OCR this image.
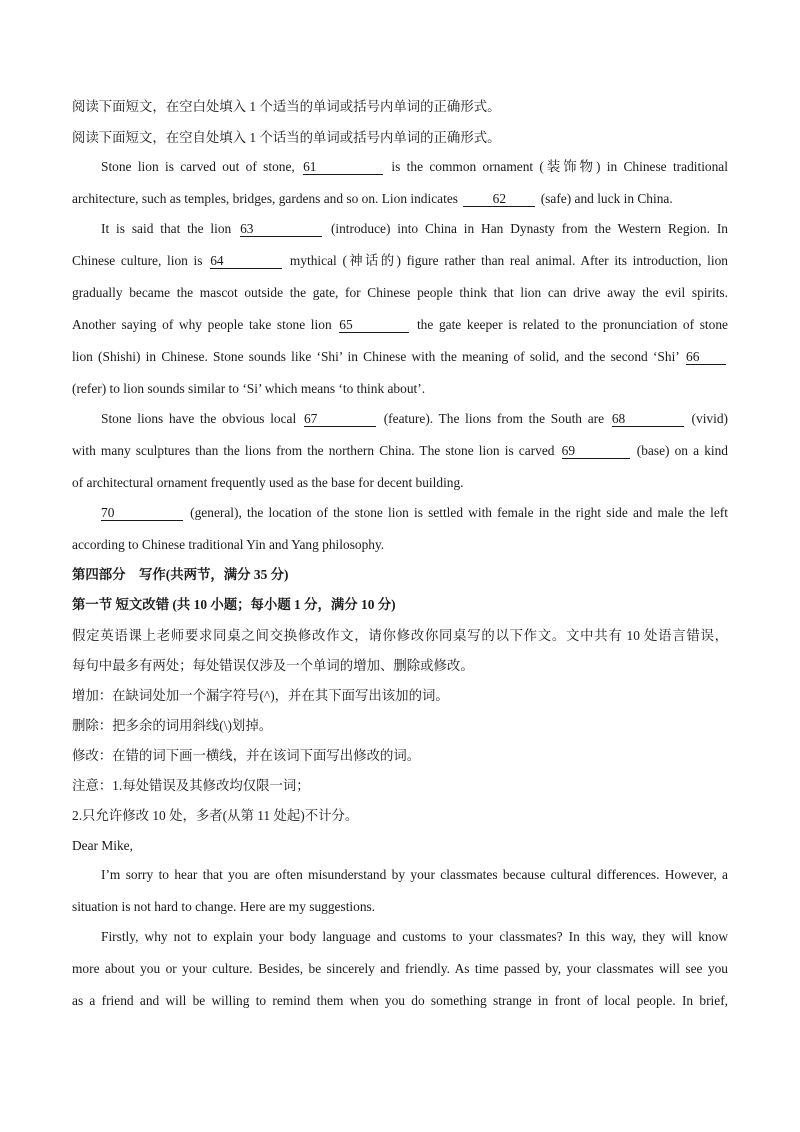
阅读下面短文，在空白处填入 1 个适当的单词或括号内单词的正确形式。
阅读下面短文，在空自处填入 1 个话当的单词或括号内单词的正确形式。
Stone lion is carved out of stone, 61	is the common ornament (装饰物) in Chinese traditional
architecture, such as temples, bridges, gardens and so on. Lion indicates	62	(safe) and luck in China.
It is said that the lion 63	(introduce) into China in Han Dynasty from the Western Region. In
Chinese culture, lion is 64	mythical (神话的) figure rather than real animal. After its introduction, lion
gradually became the mascot outside the gate, for Chinese people think that lion can drive away the evil spirits.
Another saying of why people take stone lion 65	the gate keeper is related to the pronunciation of stone
lion (Shishi) in Chinese. Stone sounds like ‘Shi’ in Chinese with the meaning of solid, and the second ‘Shi’ 66
(refer) to lion sounds similar to ‘Si’ which means ‘to think about’.
Stone lions have the obvious local 67	(feature). The lions from the South are 68	(vivid)
with many sculptures than the lions from the northern China. The stone lion is carved 69	(base) on a kind
of architectural ornament frequently used as the base for decent building.
70	(general), the location of the stone lion is settled with female in the right side and male the left
according to Chinese traditional Yin and Yang philosophy.
第四部分　写作(共两节，满分 35 分)
第一节 短文改错 (共 10 小题；每小题 1 分，满分 10 分)
假定英语课上老师要求同桌之间交换修改作文，请你修改你同桌写的以下作文。文中共有 10 处语言错误，
每句中最多有两处；每处错误仅涉及一个单词的增加、删除或修改。
增加：在缺词处加一个漏字符号(^)，并在其下面写出该加的词。
删除：把多余的词用斜线(\)划掉。
修改：在错的词下画一横线，并在该词下面写出修改的词。
注意：1.每处错误及其修改均仅限一词；
2.只允许修改 10 处，多者(从第 11 处起)不计分。
Dear Mike,
I’m sorry to hear that you are often misunderstand by your classmates because cultural differences. However, a
situation is not hard to change. Here are my suggestions.
Firstly, why not to explain your body language and customs to your classmates? In this way, they will know
more about you or your culture. Besides, be sincerely and friendly. As time passed by, your classmates will see you
as a friend and will be willing to remind them when you do something strange in front of local people. In brief,
